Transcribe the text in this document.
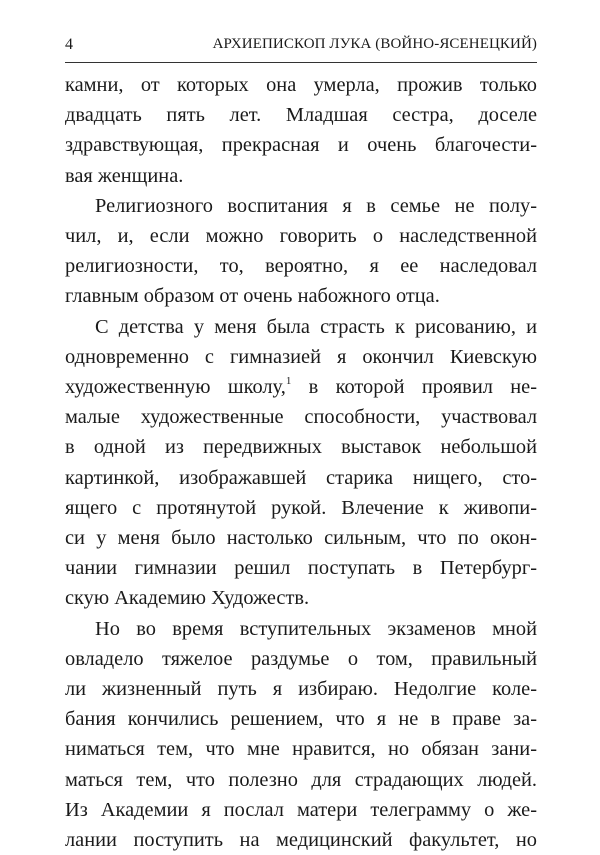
4	АРХИЕПИСКОП ЛУКА (ВОЙНО-ЯСЕНЕЦКИЙ)
камни, от которых она умерла, прожив только
двадцать пять лет. Младшая сестра, доселе
здравствующая, прекрасная и очень благочести-
вая женщина.
Религиозного воспитания я в семье не полу-
чил, и, если можно говорить о наследственной
религиозности, то, вероятно, я ее наследовал
главным образом от очень набожного отца.
С детства у меня была страсть к рисованию, и
одновременно с гимназией я окончил Киевскую
художественную школу,$^1$ в которой проявил не-
малые художественные способности, участвовал
в одной из передвижных выставок небольшой
картинкой, изображавшей старика нищего, сто-
ящего с протянутой рукой. Влечение к живопи-
си у меня было настолько сильным, что по окон-
чании гимназии решил поступать в Петербург-
скую Академию Художеств.
Но во время вступительных экзаменов мной
овладело тяжелое раздумье о том, правильный
ли жизненный путь я избираю. Недолгие коле-
бания кончились решением, что я не в праве за-
ниматься тем, что мне нравится, но обязан зани-
маться тем, что полезно для страдающих людей.
Из Академии я послал матери телеграмму о же-
лании поступить на медицинский факультет, но
